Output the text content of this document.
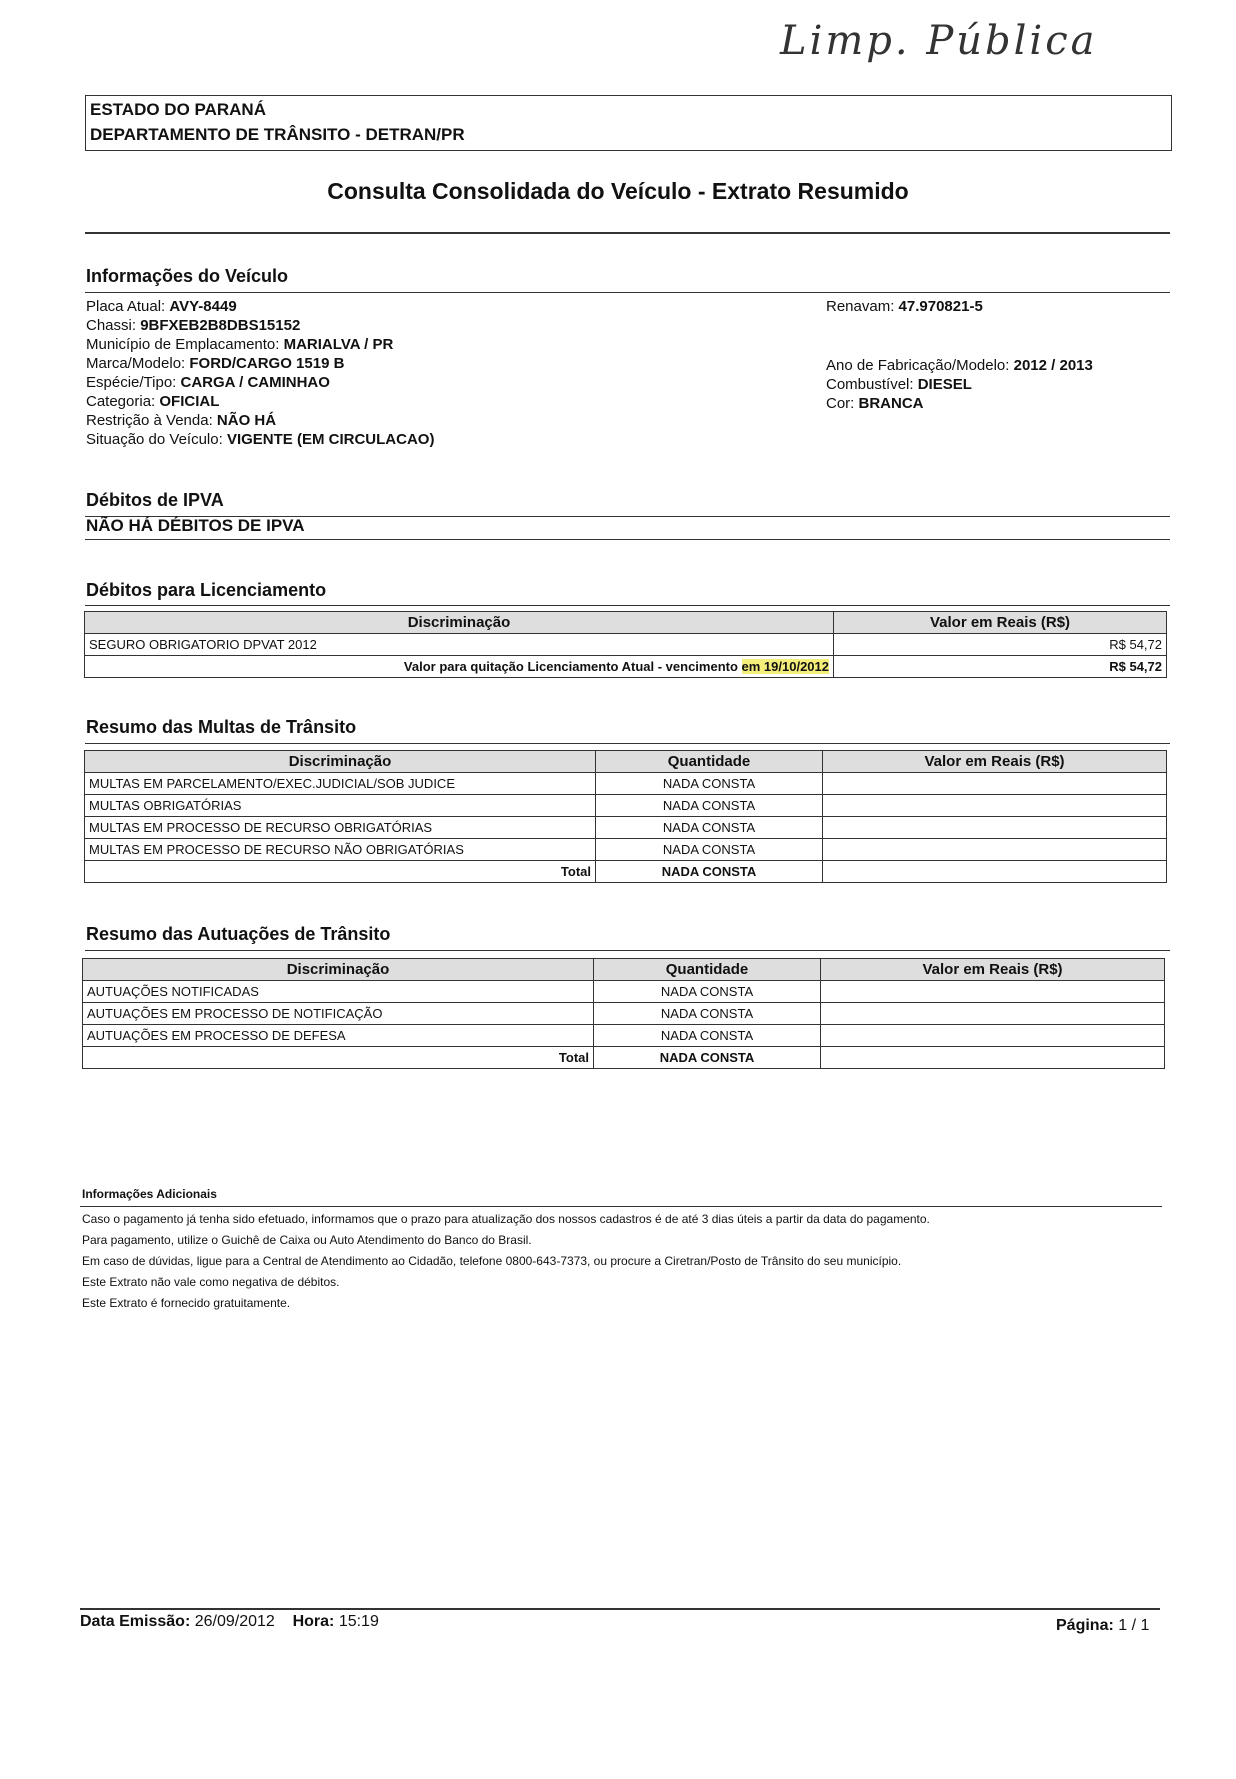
Limp. Pública
ESTADO DO PARANÁ
DEPARTAMENTO DE TRÂNSITO - DETRAN/PR
Consulta Consolidada do Veículo - Extrato Resumido
Informações do Veículo
Placa Atual: AVY-8449
Chassi: 9BFXEB2B8DBS15152
Município de Emplacamento: MARIALVA / PR
Marca/Modelo: FORD/CARGO 1519 B
Espécie/Tipo: CARGA / CAMINHAO
Categoria: OFICIAL
Restrição à Venda: NÃO HÁ
Situação do Veículo: VIGENTE (EM CIRCULACAO)
Renavam: 47.970821-5
Ano de Fabricação/Modelo: 2012 / 2013
Combustível: DIESEL
Cor: BRANCA
Débitos de IPVA
NÃO HÁ DÉBITOS DE IPVA
Débitos para Licenciamento
Discriminação	Valor em Reais (R$)
SEGURO OBRIGATORIO DPVAT 2012	R$ 54,72
Valor para quitação Licenciamento Atual - vencimento em 19/10/2012	R$ 54,72
Resumo das Multas de Trânsito
Discriminação	Quantidade	Valor em Reais (R$)
MULTAS EM PARCELAMENTO/EXEC.JUDICIAL/SOB JUDICE	NADA CONSTA	
MULTAS OBRIGATÓRIAS	NADA CONSTA	
MULTAS EM PROCESSO DE RECURSO OBRIGATÓRIAS	NADA CONSTA	
MULTAS EM PROCESSO DE RECURSO NÃO OBRIGATÓRIAS	NADA CONSTA	
Total	NADA CONSTA	
Resumo das Autuações de Trânsito
Discriminação	Quantidade	Valor em Reais (R$)
AUTUAÇÕES NOTIFICADAS	NADA CONSTA	
AUTUAÇÕES EM PROCESSO DE NOTIFICAÇÃO	NADA CONSTA	
AUTUAÇÕES EM PROCESSO DE DEFESA	NADA CONSTA	
Total	NADA CONSTA	
Informações Adicionais
Caso o pagamento já tenha sido efetuado, informamos que o prazo para atualização dos nossos cadastros é de até 3 dias úteis a partir da data do pagamento.
Para pagamento, utilize o Guichê de Caixa ou Auto Atendimento do Banco do Brasil.
Em caso de dúvidas, ligue para a Central de Atendimento ao Cidadão, telefone 0800-643-7373, ou procure a Ciretran/Posto de Trânsito do seu município.
Este Extrato não vale como negativa de débitos.
Este Extrato é fornecido gratuitamente.
Data Emissão: 26/09/2012 Hora: 15:19	Página: 1 / 1
